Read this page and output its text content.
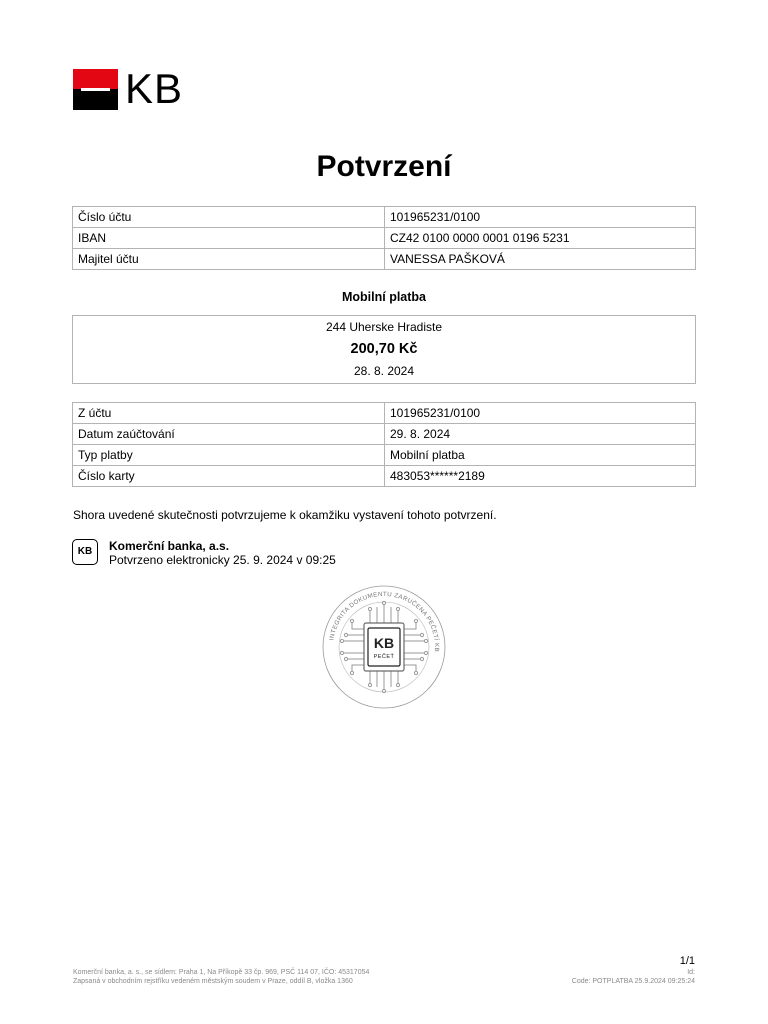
KB
Potvrzení
Číslo účtu	101965231/0100
IBAN	CZ42 0100 0000 0001 0196 5231
Majitel účtu	VANESSA PAŠKOVÁ
Mobilní platba
244 Uherske Hradiste
200,70 Kč
28. 8. 2024
Z účtu	101965231/0100
Datum zaúčtování	29. 8. 2024
Typ platby	Mobilní platba
Číslo karty	483053******2189
Shora uvedené skutečnosti potvrzujeme k okamžiku vystavení tohoto potvrzení.
KB	Komerční banka, a.s.
Potvrzeno elektronicky 25. 9. 2024 v 09:25
INTEGRITA DOKUMENTU ZARUČENA PEČETÍ KB
KB
PEČEŤ
1/1
Komerční banka, a. s., se sídlem: Praha 1, Na Příkopě 33 čp. 969, PSČ 114 07, IČO: 45317054
Zapsaná v obchodním rejstříku vedeném městským soudem v Praze, oddíl B, vložka 1360
Id:
Code: POTPLATBA 25.9.2024 09:25:24
